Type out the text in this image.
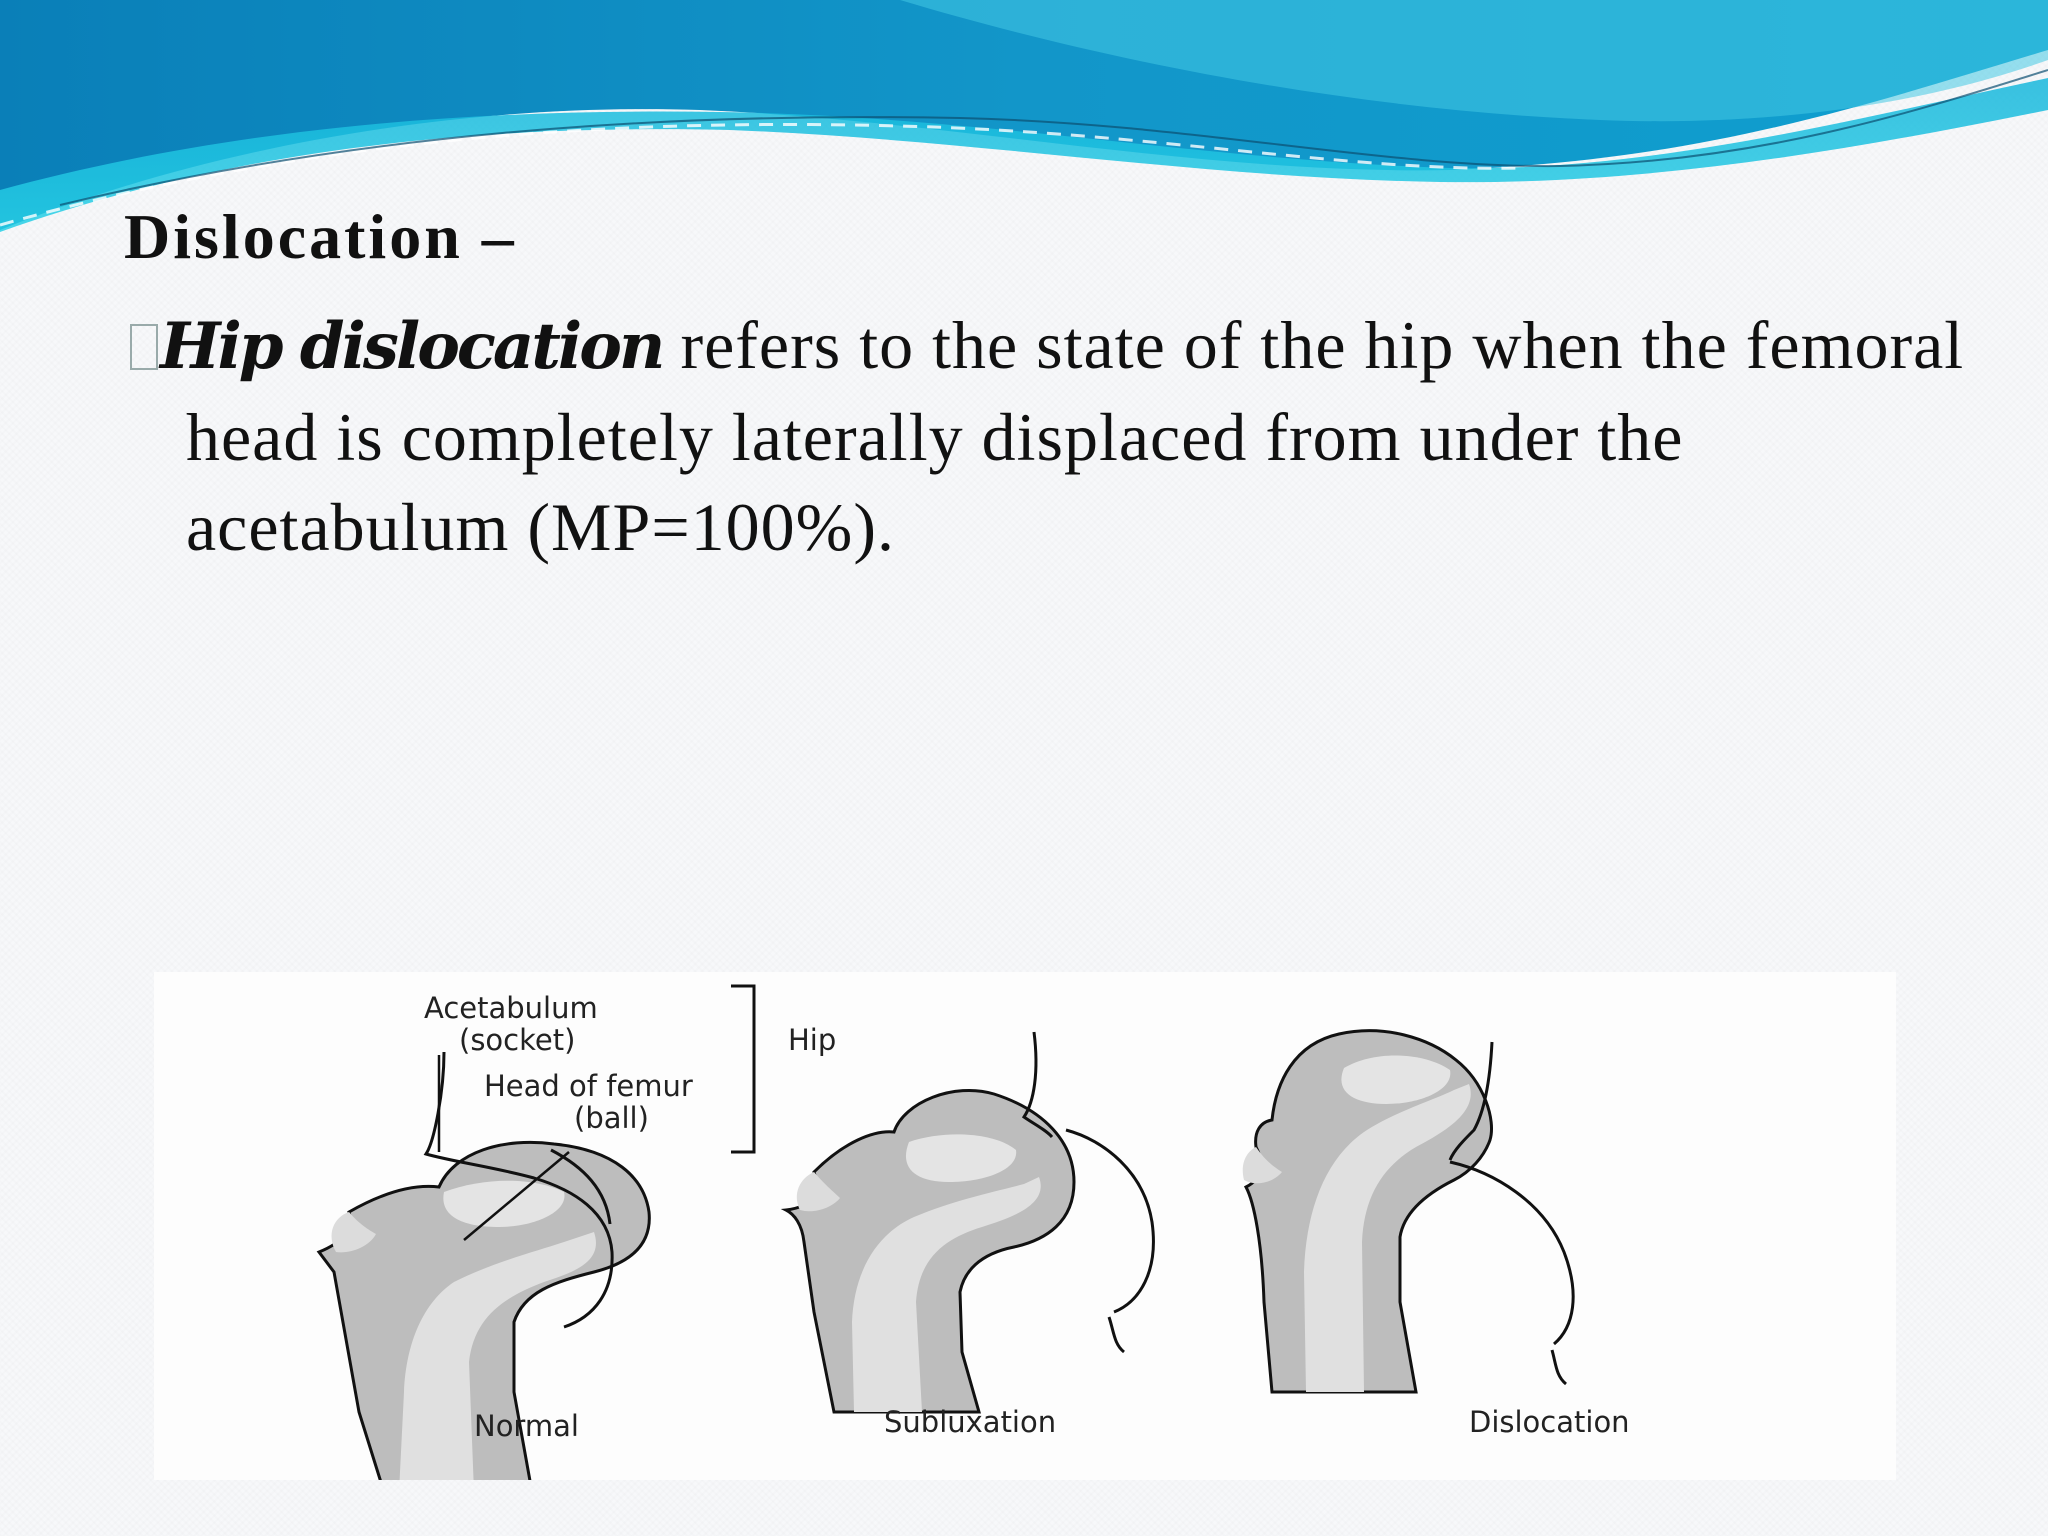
Dislocation –

Hip dislocation refers to the state of the hip when the femoral head is completely laterally displaced from under the acetabulum (MP=100%).

Acetabulum
(socket)
Head of femur
(ball)
Hip
Normal	Subluxation	Dislocation
